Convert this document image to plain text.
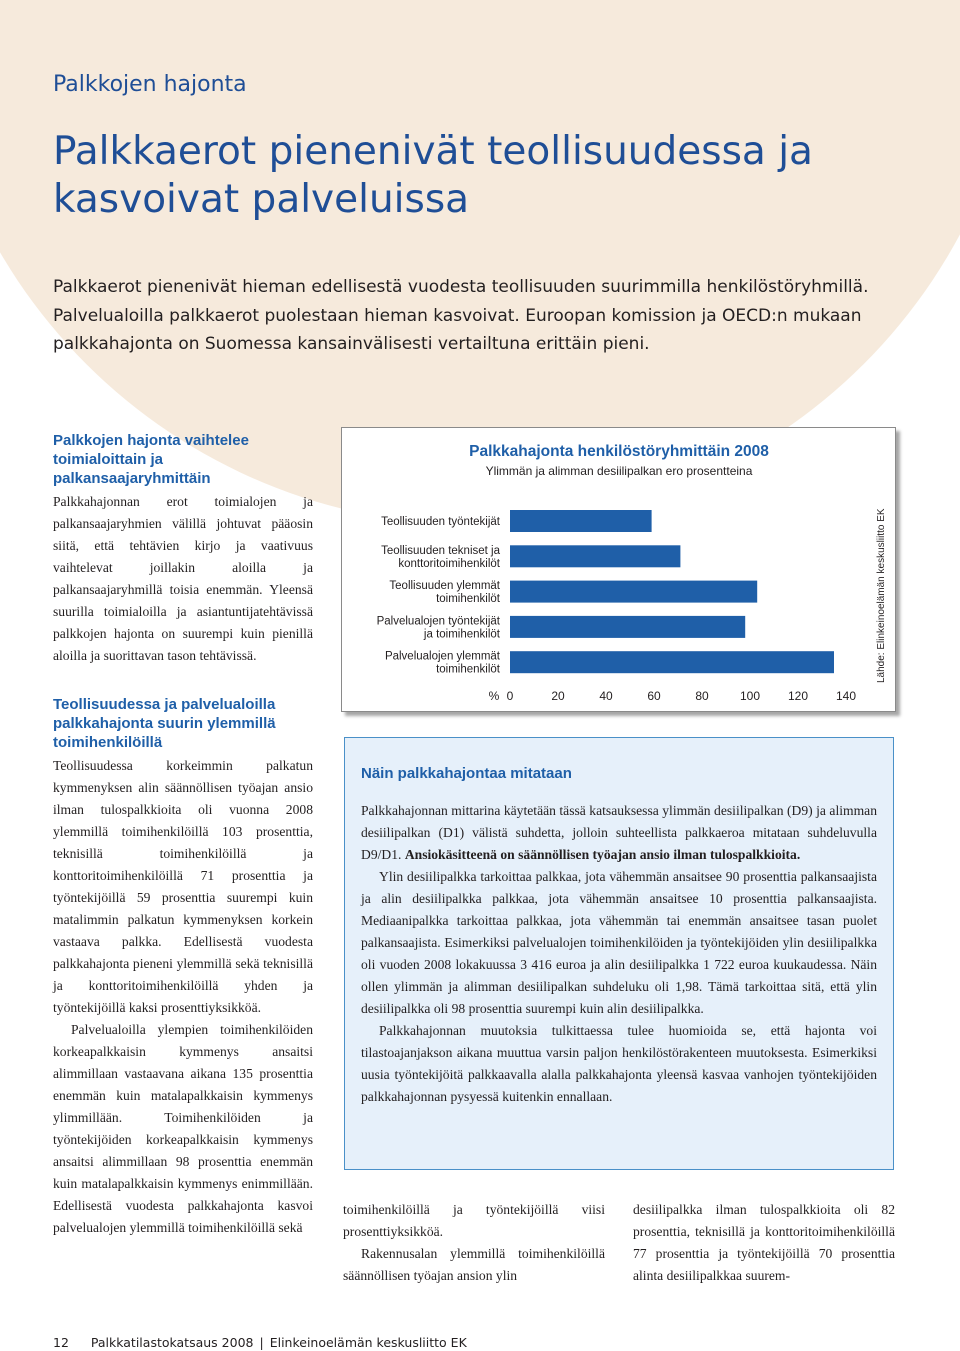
Palkkojen hajonta

Palkkaerot pienenivät teollisuudessa ja kasvoivat palveluissa

Palkkaerot pienenivät hieman edellisestä vuodesta teollisuuden suurimmilla henkilöstöryhmillä. Palvelualoilla palkkaerot puolestaan hieman kasvoivat. Euroopan komission ja OECD:n mukaan palkkahajonta on Suomessa kansainvälisesti vertailtuna erittäin pieni.

Palkkojen hajonta vaihtelee toimialoittain ja palkansaajaryhmittäin

Palkkahajonnan erot toimialojen ja palkansaajaryhmien välillä johtuvat pääosin siitä, että tehtävien kirjo ja vaativuus vaihtelevat joillakin aloilla ja palkansaajaryhmillä toisia enemmän. Yleensä suurilla toimialoilla ja asiantuntijatehtävissä palkkojen hajonta on suurempi kuin pienillä aloilla ja suorittavan tason tehtävissä.

Teollisuudessa ja palvelualoilla palkkahajonta suurin ylemmillä toimihenkilöillä

Teollisuudessa korkeimmin palkatun kymmenyksen alin säännöllisen työajan ansio ilman tulospalkkioita oli vuonna 2008 ylemmillä toimihenkilöillä 103 prosenttia, teknisillä toimihenkilöillä ja konttoritoimihenkilöillä 71 prosenttia ja työntekijöillä 59 prosenttia suurempi kuin matalimmin palkatun kymmenyksen korkein vastaava palkka. Edellisestä vuodesta palkkahajonta pieneni ylemmillä sekä teknisillä ja konttoritoimihenkilöillä yhden ja työntekijöillä kaksi prosenttiyksikköä.

Palvelualoilla ylempien toimihenkilöiden korkeapalkkaisin kymmenys ansaitsi alimmillaan vastaavana aikana 135 prosenttia enemmän kuin matalapalkkaisin kymmenys ylimmillään. Toimihenkilöiden ja työntekijöiden korkeapalkkaisin kymmenys ansaitsi alimmillaan 98 prosenttia enemmän kuin matalapalkkaisin kymmenys enimmillään. Edellisestä vuodesta palkkahajonta kasvoi palvelualojen ylemmillä toimihenkilöillä sekä

Palkkahajonta henkilöstöryhmittäin 2008
Ylimmän ja alimman desiilipalkan ero prosentteina
Teollisuuden työntekijät
Teollisuuden tekniset ja
konttoritoimihenkilöt
Teollisuuden ylemmät
toimihenkilöt
Palvelualojen työntekijät
ja toimihenkilöt
Palvelualojen ylemmät
toimihenkilöt
0	20	40	60	80	100 120 140
%
Lähde: Elinkeinoelämän keskusliitto EK

Näin palkkahajontaa mitataan

Palkkahajonnan mittarina käytetään tässä katsauksessa ylimmän desiilipalkan (D9) ja alimman desiilipalkan (D1) välistä suhdetta, jolloin suhteellista palkkaeroa mitataan suhdeluvulla D9/D1. Ansiokäsitteenä on säännöllisen työajan ansio ilman tulospalkkioita.

Ylin desiilipalkka tarkoittaa palkkaa, jota vähemmän ansaitsee 90 prosenttia palkansaajista ja alin desiilipalkka palkkaa, jota vähemmän ansaitsee 10 prosenttia palkansaajista. Mediaanipalkka tarkoittaa palkkaa, jota vähemmän tai enemmän ansaitsee tasan puolet palkansaajista. Esimerkiksi palvelualojen toimihenkilöiden ja työntekijöiden ylin desiilipalkka oli vuoden 2008 lokakuussa 3 416 euroa ja alin desiilipalkka 1 722 euroa kuukaudessa. Näin ollen ylimmän ja alimman desiilipalkan suhdeluku oli 1,98. Tämä tarkoittaa sitä, että ylin desiilipalkka oli 98 prosenttia suurempi kuin alin desiilipalkka.

Palkkahajonnan muutoksia tulkittaessa tulee huomioida se, että hajonta voi tilastoajanjakson aikana muuttua varsin paljon henkilöstörakenteen muutoksesta. Esimerkiksi uusia työntekijöitä palkkaavalla alalla palkkahajonta yleensä kasvaa vanhojen työntekijöiden palkkahajonnan pysyessä kuitenkin ennallaan.

toimihenkilöillä ja työntekijöillä viisi prosenttiyksikköä.

Rakennusalan ylemmillä toimihenkilöillä säännöllisen työajan ansion ylin

desiilipalkka ilman tulospalkkioita oli 82 prosenttia, teknisillä ja konttoritoimihenkilöillä 77 prosenttia ja työntekijöillä 70 prosenttia alinta desiilipalkkaa suurem-

12 Palkkatilastokatsaus 2008 | Elinkeinoelämän keskusliitto EK
